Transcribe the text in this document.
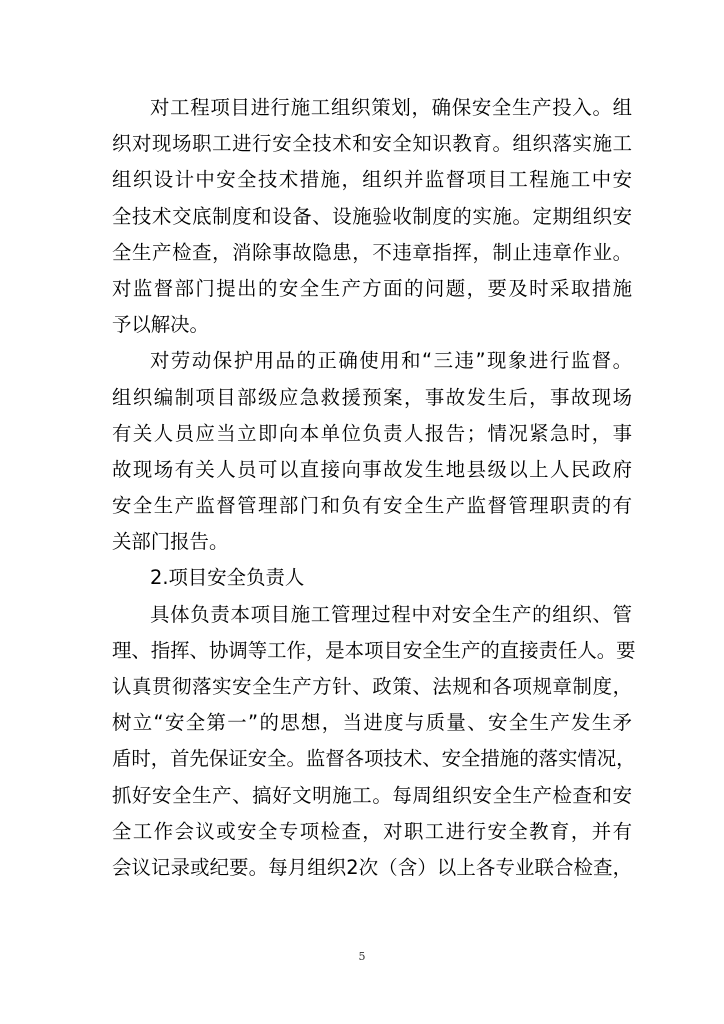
对工程项目进行施工组织策划，确保安全生产投入。组
织对现场职工进行安全技术和安全知识教育。组织落实施工
组织设计中安全技术措施，组织并监督项目工程施工中安
全技术交底制度和设备、设施验收制度的实施。定期组织安
全生产检查，消除事故隐患，不违章指挥，制止违章作业。
对监督部门提出的安全生产方面的问题，要及时采取措施
予以解决。
对劳动保护用品的正确使用和“三违”现象进行监督。
组织编制项目部级应急救援预案，事故发生后，事故现场
有关人员应当立即向本单位负责人报告；情况紧急时，事
故现场有关人员可以直接向事故发生地县级以上人民政府
安全生产监督管理部门和负有安全生产监督管理职责的有
关部门报告。
2.项目安全负责人
具体负责本项目施工管理过程中对安全生产的组织、管
理、指挥、协调等工作，是本项目安全生产的直接责任人。要
认真贯彻落实安全生产方针、政策、法规和各项规章制度，
树立“安全第一”的思想，当进度与质量、安全生产发生矛
盾时，首先保证安全。监督各项技术、安全措施的落实情况，
抓好安全生产、搞好文明施工。每周组织安全生产检查和安
全工作会议或安全专项检查，对职工进行安全教育，并有
会议记录或纪要。每月组织2次（含）以上各专业联合检查，
5
